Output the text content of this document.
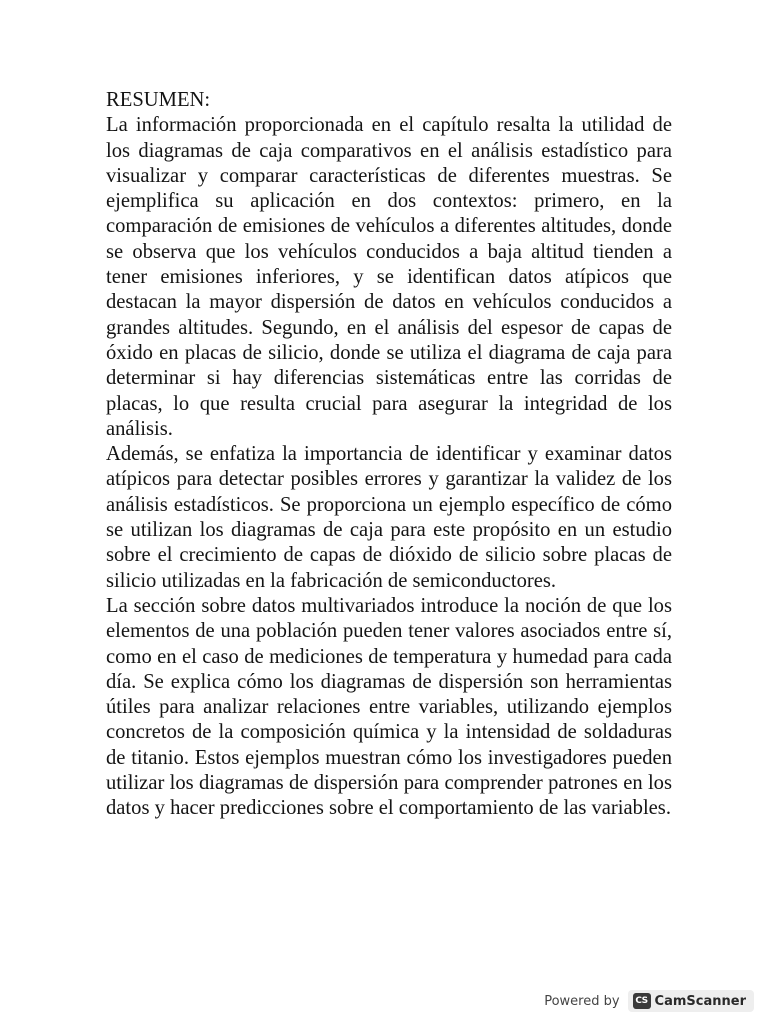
RESUMEN:

La información proporcionada en el capítulo resalta la utilidad de los diagramas de caja comparativos en el análisis estadístico para visualizar y comparar características de diferentes muestras. Se ejemplifica su aplicación en dos contextos: primero, en la comparación de emisiones de vehículos a diferentes altitudes, donde se observa que los vehículos conducidos a baja altitud tienden a tener emisiones inferiores, y se identifican datos atípicos que destacan la mayor dispersión de datos en vehículos conducidos a grandes altitudes. Segundo, en el análisis del espesor de capas de óxido en placas de silicio, donde se utiliza el diagrama de caja para determinar si hay diferencias sistemáticas entre las corridas de placas, lo que resulta crucial para asegurar la integridad de los análisis.

Además, se enfatiza la importancia de identificar y examinar datos atípicos para detectar posibles errores y garantizar la validez de los análisis estadísticos. Se proporciona un ejemplo específico de cómo se utilizan los diagramas de caja para este propósito en un estudio sobre el crecimiento de capas de dióxido de silicio sobre placas de silicio utilizadas en la fabricación de semiconductores.

La sección sobre datos multivariados introduce la noción de que los elementos de una población pueden tener valores asociados entre sí, como en el caso de mediciones de temperatura y humedad para cada día. Se explica cómo los diagramas de dispersión son herramientas útiles para analizar relaciones entre variables, utilizando ejemplos concretos de la composición química y la intensidad de soldaduras de titanio. Estos ejemplos muestran cómo los investigadores pueden utilizar los diagramas de dispersión para comprender patrones en los datos y hacer predicciones sobre el comportamiento de las variables.

Powered by	CS CamScanner
